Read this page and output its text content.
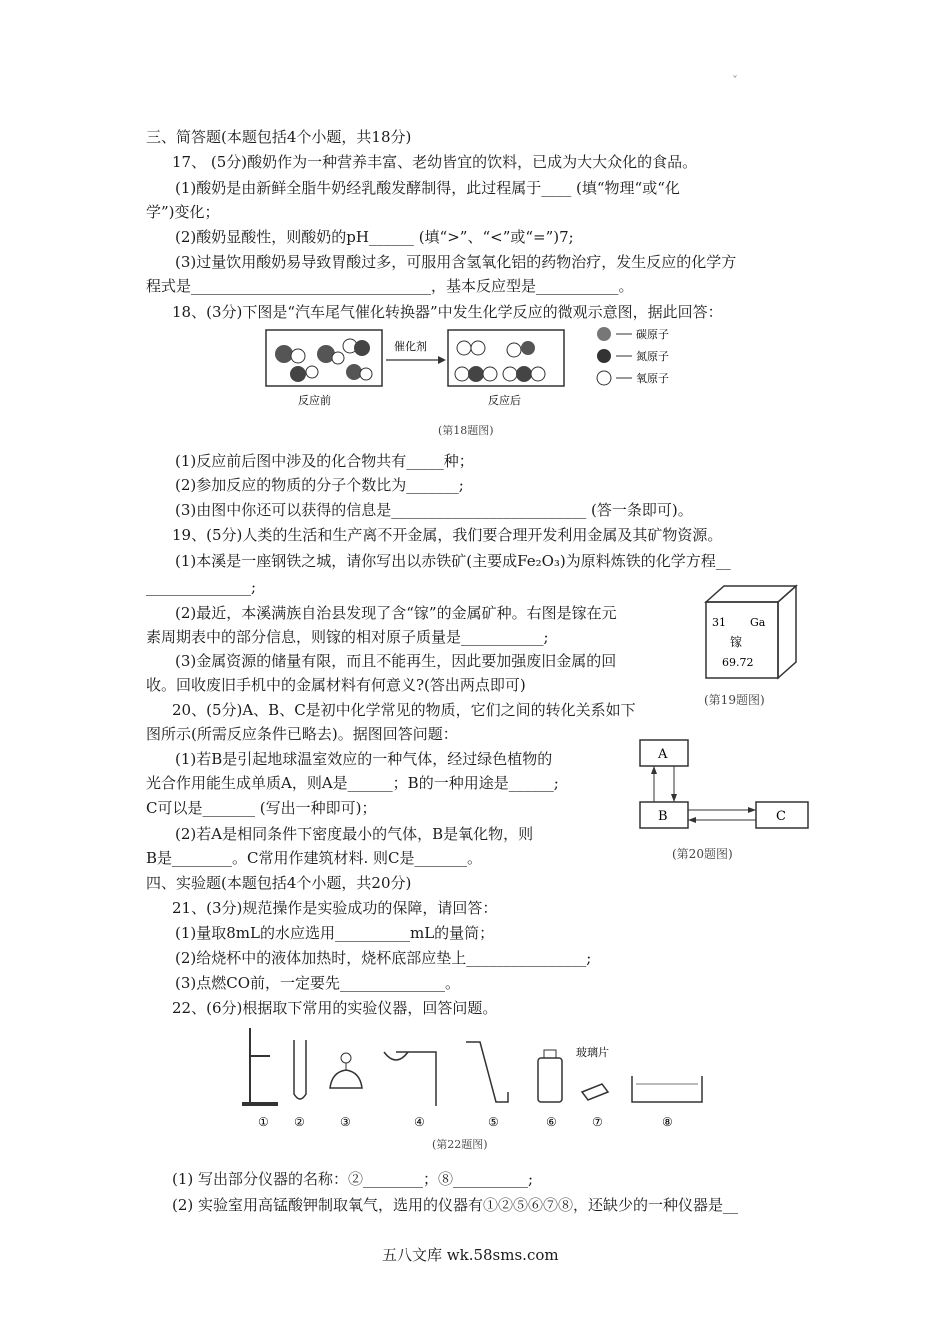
ˇ
三、简答题(本题包括4个小题，共18分)
17、 (5分)酸奶作为一种营养丰富、老幼皆宜的饮料，已成为大大众化的食品。
(1)酸奶是由新鲜全脂牛奶经乳酸发酵制得，此过程属于____ (填“物理“或“化
学”)变化；
(2)酸奶显酸性，则酸奶的pH______ (填“>”、“<”或“=”)7;
(3)过量饮用酸奶易导致胃酸过多，可服用含氢氧化铝的药物治疗，发生反应的化学方
程式是________________________________，基本反应型是___________。
18、(3分)下图是“汽车尾气催化转换器”中发生化学反应的微观示意图，据此回答：
催化剂
反应前	反应后
碳原子
氮原子
氧原子
(第18题图)
(1)反应前后图中涉及的化合物共有_____种；
(2)参加反应的物质的分子个数比为_______;
(3)由图中你还可以获得的信息是__________________________ (答一条即可)。
19、(5分)人类的生活和生产离不开金属，我们要合理开发利用金属及其矿物资源。
(1)本溪是一座钢铁之城，请你写出以赤铁矿(主要成Fe₂O₃)为原料炼铁的化学方程__
______________;
(2)最近，本溪满族自治县发现了含“镓”的金属矿种。右图是镓在元
素周期表中的部分信息，则镓的相对原子质量是___________;
(3)金属资源的储量有限，而且不能再生，因此要加强废旧金属的回
收。回收废旧手机中的金属材料有何意义?(答出两点即可)
31 Ga
镓
69.72
(第19题图)
20、(5分)A、B、C是初中化学常见的物质，它们之间的转化关系如下
图所示(所需反应条件已略去)。据图回答问题：
(1)若B是引起地球温室效应的一种气体，经过绿色植物的
光合作用能生成单质A，则A是______；B的一种用途是______;
C可以是_______ (写出一种即可)；
(2)若A是相同条件下密度最小的气体，B是氧化物，则
B是________。C常用作建筑材料. 则C是_______。
A
B	C
(第20题图)
四、实验题(本题包括4个小题，共20分)
21、(3分)规范操作是实验成功的保障，请回答：
(1)量取8mL的水应选用__________mL的量筒；
(2)给烧杯中的液体加热时，烧杯底部应垫上________________;
(3)点燃CO前，一定要先______________。
22、(6分)根据取下常用的实验仪器，回答问题。
玻璃片
① ②	③	④	⑤	⑥	⑦	⑧
(第22题图)
(1) 写出部分仪器的名称：②________；⑧__________;
(2) 实验室用高锰酸钾制取氧气，选用的仪器有①②⑤⑥⑦⑧，还缺少的一种仪器是__
五八文库 wk.58sms.com
